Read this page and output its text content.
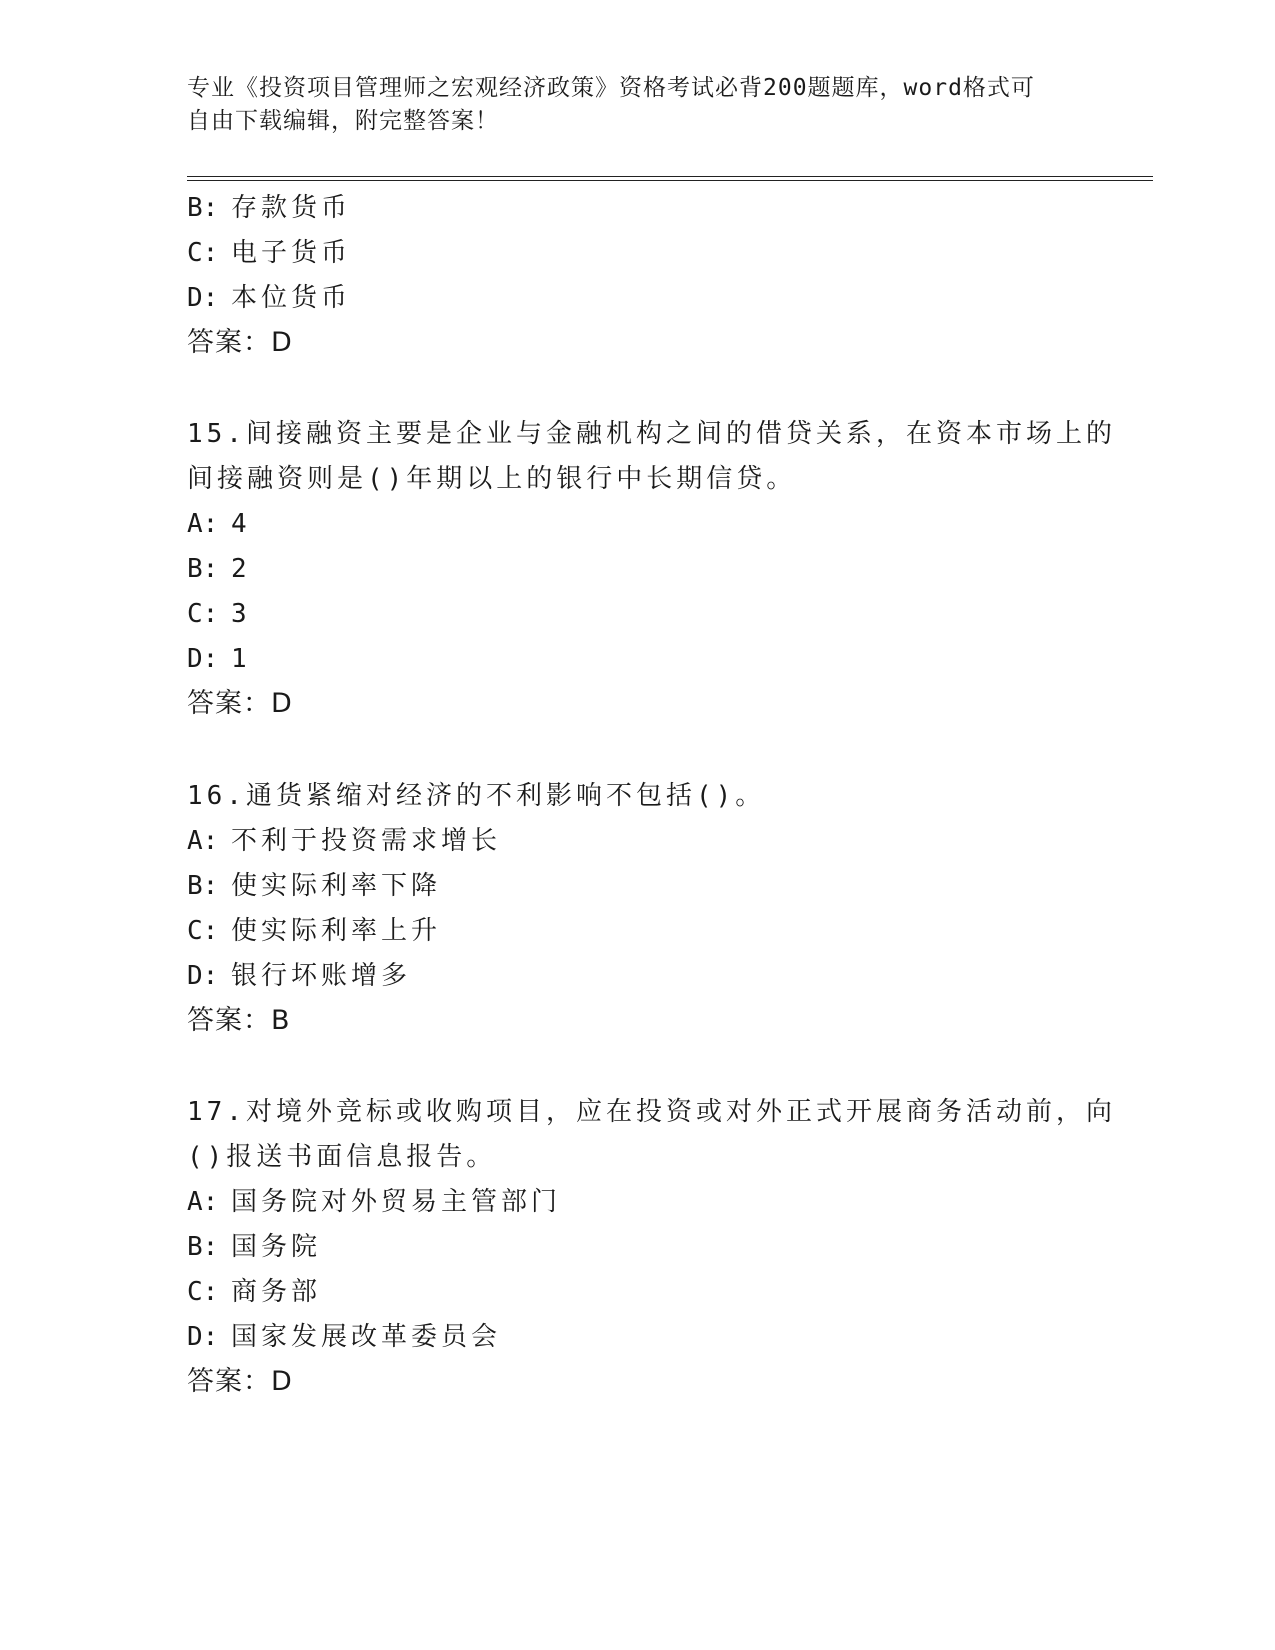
专业《投资项目管理师之宏观经济政策》资格考试必背200题题库，word格式可
自由下载编辑，附完整答案！
B: 存款货币
C: 电子货币
D: 本位货币
答案：D
15.间接融资主要是企业与金融机构之间的借贷关系，在资本市场上的
间接融资则是()年期以上的银行中长期信贷。
A: 4
B: 2
C: 3
D: 1
答案：D
16.通货紧缩对经济的不利影响不包括()。
A: 不利于投资需求增长
B: 使实际利率下降
C: 使实际利率上升
D: 银行坏账增多
答案：B
17.对境外竞标或收购项目，应在投资或对外正式开展商务活动前，向
()报送书面信息报告。
A: 国务院对外贸易主管部门
B: 国务院
C: 商务部
D: 国家发展改革委员会
答案：D
